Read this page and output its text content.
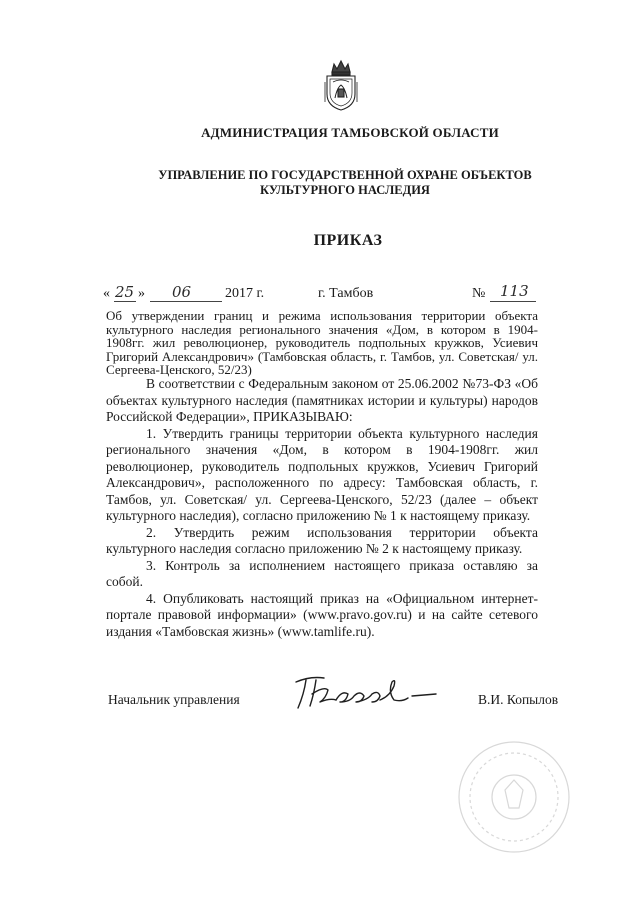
АДМИНИСТРАЦИЯ ТАМБОВСКОЙ ОБЛАСТИ
УПРАВЛЕНИЕ ПО ГОСУДАРСТВЕННОЙ ОХРАНЕ ОБЪЕКТОВ
КУЛЬТУРНОГО НАСЛЕДИЯ
ПРИКАЗ
« 25 » 06 2017 г.	г. Тамбов	№ 113
Об утверждении границ и режима использования территории объекта культурного наследия регионального значения «Дом, в котором в 1904-1908гг. жил революционер, руководитель подпольных кружков, Усиевич Григорий Александрович» (Тамбовская область, г. Тамбов, ул. Советская/ ул. Сергеева-Ценского, 52/23)

В соответствии с Федеральным законом от 25.06.2002 №73-ФЗ «Об объектах культурного наследия (памятниках истории и культуры) народов Российской Федерации», ПРИКАЗЫВАЮ:

1. Утвердить границы территории объекта культурного наследия регионального значения «Дом, в котором в 1904-1908гг. жил революционер, руководитель подпольных кружков, Усиевич Григорий Александрович», расположенного по адресу: Тамбовская область, г. Тамбов, ул. Советская/ ул. Сергеева-Ценского, 52/23 (далее – объект культурного наследия), согласно приложению № 1 к настоящему приказу.

2. Утвердить режим использования территории объекта культурного наследия согласно приложению № 2 к настоящему приказу.

3. Контроль за исполнением настоящего приказа оставляю за собой.

4. Опубликовать настоящий приказ на «Официальном интернет-портале правовой информации» (www.pravo.gov.ru) и на сайте сетевого издания «Тамбовская жизнь» (www.tamlife.ru).

Начальник управления	В.И. Копылов
